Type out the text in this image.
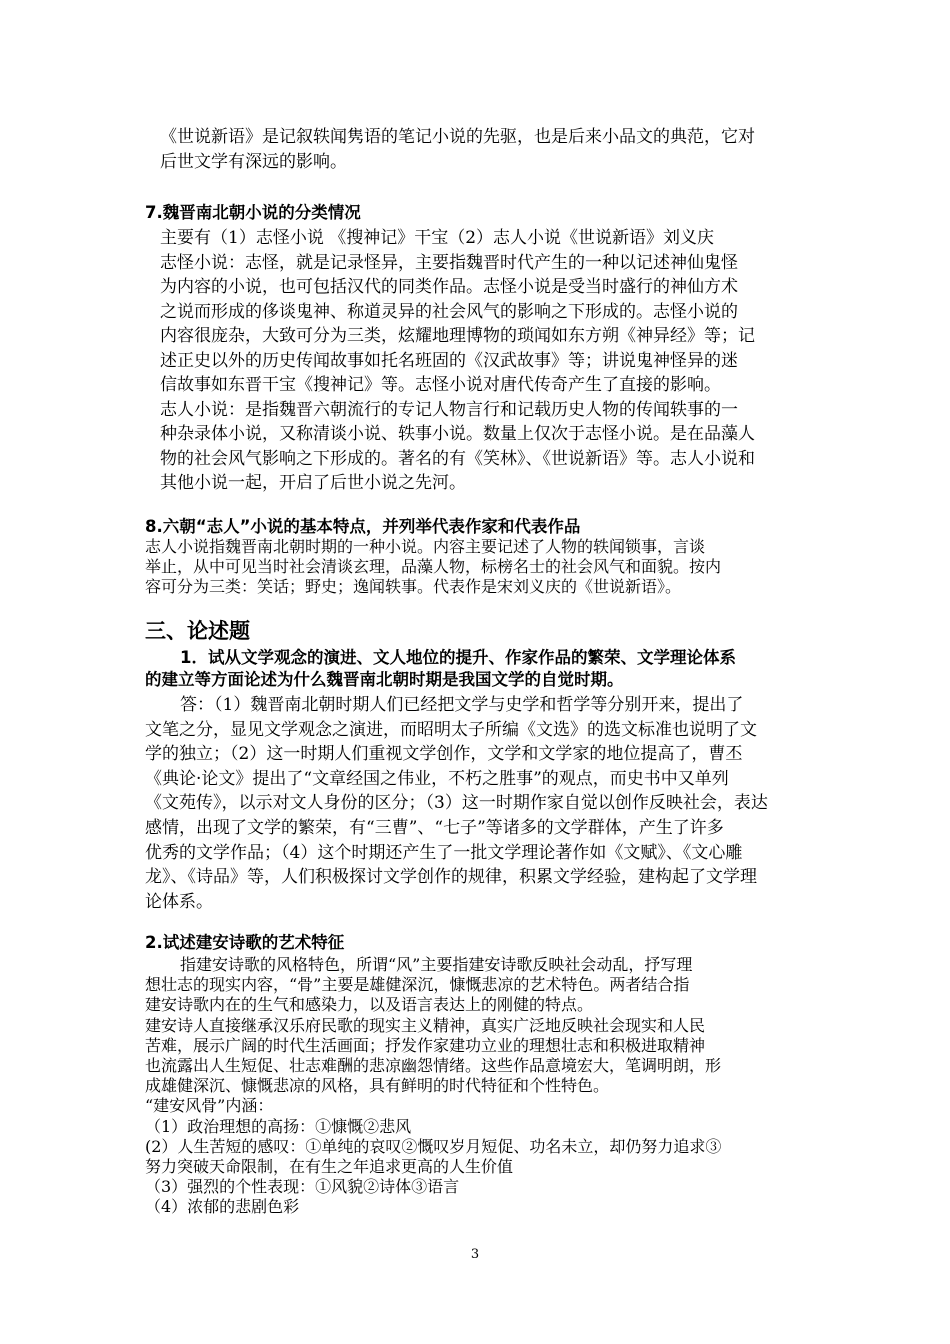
《世说新语》是记叙轶闻隽语的笔记小说的先驱，也是后来小品文的典范，它对
后世文学有深远的影响。
7.魏晋南北朝小说的分类情况
主要有（1）志怪小说 《搜神记》干宝（2）志人小说《世说新语》刘义庆
志怪小说：志怪，就是记录怪异，主要指魏晋时代产生的一种以记述神仙鬼怪
为内容的小说，也可包括汉代的同类作品。志怪小说是受当时盛行的神仙方术
之说而形成的侈谈鬼神、称道灵异的社会风气的影响之下形成的。志怪小说的
内容很庞杂，大致可分为三类，炫耀地理博物的琐闻如东方朔《神异经》等；记
述正史以外的历史传闻故事如托名班固的《汉武故事》等；讲说鬼神怪异的迷
信故事如东晋干宝《搜神记》等。志怪小说对唐代传奇产生了直接的影响。
志人小说：是指魏晋六朝流行的专记人物言行和记载历史人物的传闻轶事的一
种杂录体小说，又称清谈小说、轶事小说。数量上仅次于志怪小说。是在品藻人
物的社会风气影响之下形成的。著名的有《笑林》、《世说新语》等。志人小说和
其他小说一起，开启了后世小说之先河。
8.六朝“志人”小说的基本特点，并列举代表作家和代表作品
志人小说指魏晋南北朝时期的一种小说。内容主要记述了人物的轶闻锁事，言谈
举止，从中可见当时社会清谈玄理，品藻人物，标榜名士的社会风气和面貌。按内
容可分为三类：笑话；野史；逸闻轶事。代表作是宋刘义庆的《世说新语》。
三、论述题
1．试从文学观念的演进、文人地位的提升、作家作品的繁荣、文学理论体系
的建立等方面论述为什么魏晋南北朝时期是我国文学的自觉时期。
答：（1）魏晋南北朝时期人们已经把文学与史学和哲学等分别开来，提出了
文笔之分，显见文学观念之演进，而昭明太子所编《文选》的选文标准也说明了文
学的独立；（2）这一时期人们重视文学创作，文学和文学家的地位提高了，曹丕
《典论·论文》提出了“文章经国之伟业，不朽之胜事”的观点，而史书中又单列
《文苑传》，以示对文人身份的区分；（3）这一时期作家自觉以创作反映社会，表达
感情，出现了文学的繁荣，有“三曹”、“七子”等诸多的文学群体，产生了许多
优秀的文学作品；（4）这个时期还产生了一批文学理论著作如《文赋》、《文心雕
龙》、《诗品》等，人们积极探讨文学创作的规律，积累文学经验，建构起了文学理
论体系。
2.试述建安诗歌的艺术特征
指建安诗歌的风格特色，所谓“风”主要指建安诗歌反映社会动乱，抒写理
想壮志的现实内容，“骨”主要是雄健深沉，慷慨悲凉的艺术特色。两者结合指
建安诗歌内在的生气和感染力，以及语言表达上的刚健的特点。
建安诗人直接继承汉乐府民歌的现实主义精神，真实广泛地反映社会现实和人民
苦难，展示广阔的时代生活画面；抒发作家建功立业的理想壮志和积极进取精神
也流露出人生短促、壮志难酬的悲凉幽怨情绪。这些作品意境宏大，笔调明朗，形
成雄健深沉、慷慨悲凉的风格，具有鲜明的时代特征和个性特色。
“建安风骨”内涵：
（1）政治理想的高扬：①慷慨②悲风
(2）人生苦短的感叹：①单纯的哀叹②慨叹岁月短促、功名未立，却仍努力追求③
努力突破天命限制，在有生之年追求更高的人生价值
（3）强烈的个性表现：①风貌②诗体③语言
（4）浓郁的悲剧色彩
3
